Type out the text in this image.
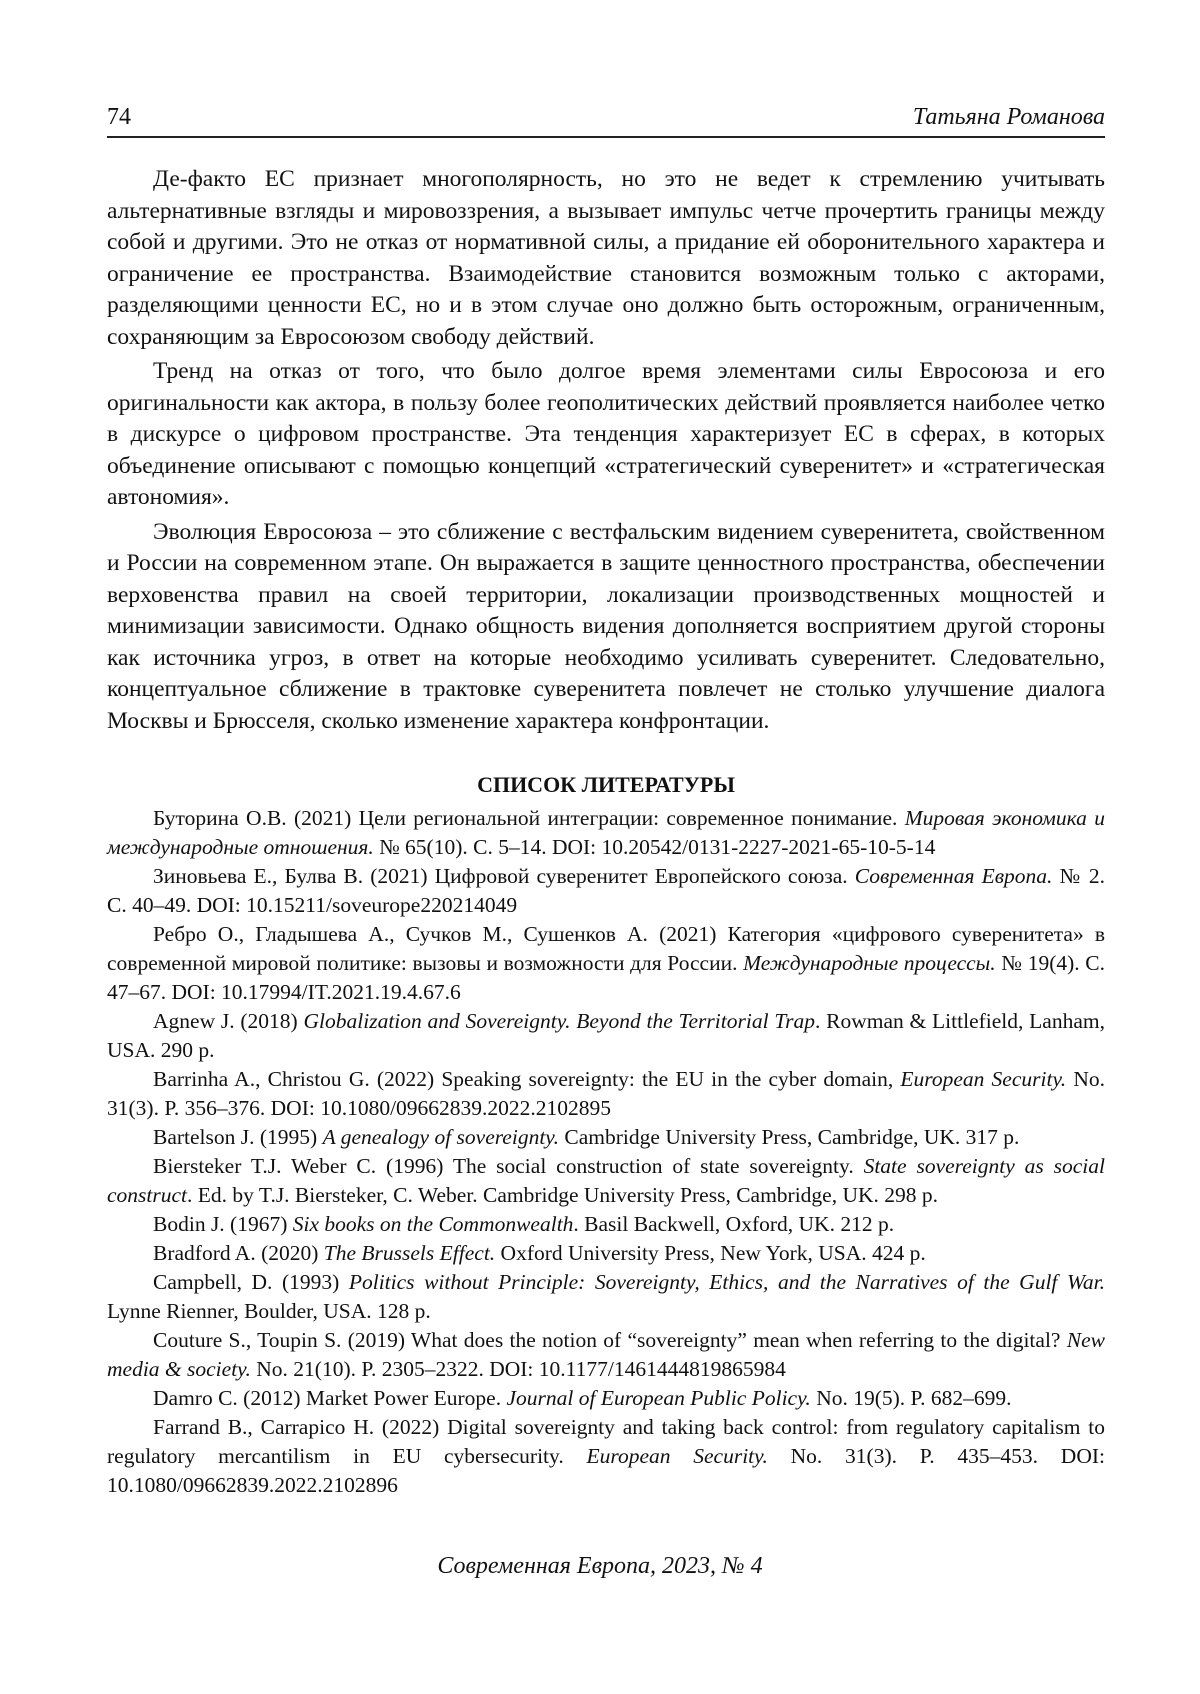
74	Татьяна Романова

Де-факто ЕС признает многополярность, но это не ведет к стремлению учитывать альтернативные взгляды и мировоззрения, а вызывает импульс четче прочертить границы между собой и другими. Это не отказ от нормативной силы, а придание ей оборонительного характера и ограничение ее пространства. Взаимодействие становится возможным только с акторами, разделяющими ценности ЕС, но и в этом случае оно должно быть осторожным, ограниченным, сохраняющим за Евросоюзом свободу действий.

Тренд на отказ от того, что было долгое время элементами силы Евросоюза и его оригинальности как актора, в пользу более геополитических действий проявляется наиболее четко в дискурсе о цифровом пространстве. Эта тенденция характеризует ЕС в сферах, в которых объединение описывают с помощью концепций «стратегический суверенитет» и «стратегическая автономия».

Эволюция Евросоюза – это сближение с вестфальским видением суверенитета, свойственном и России на современном этапе. Он выражается в защите ценностного пространства, обеспечении верховенства правил на своей территории, локализации производственных мощностей и минимизации зависимости. Однако общность видения дополняется восприятием другой стороны как источника угроз, в ответ на которые необходимо усиливать суверенитет. Следовательно, концептуальное сближение в трактовке суверенитета повлечет не столько улучшение диалога Москвы и Брюсселя, сколько изменение характера конфронтации.

СПИСОК ЛИТЕРАТУРЫ

Буторина О.В. (2021) Цели региональной интеграции: современное понимание. Мировая экономика и международные отношения. № 65(10). С. 5–14. DOI: 10.20542/0131-2227-2021-65-10-5-14

Зиновьева Е., Булва В. (2021) Цифровой суверенитет Европейского союза. Современная Европа. № 2. С. 40–49. DOI: 10.15211/soveurope220214049

Ребро О., Гладышева А., Сучков М., Сушенков А. (2021) Категория «цифрового суверенитета» в современной мировой политике: вызовы и возможности для России. Международные процессы. № 19(4). С. 47–67. DOI: 10.17994/IT.2021.19.4.67.6

Agnew J. (2018) Globalization and Sovereignty. Beyond the Territorial Trap. Rowman & Littlefield, Lanham, USA. 290 p.

Barrinha A., Christou G. (2022) Speaking sovereignty: the EU in the cyber domain, European Security. No. 31(3). P. 356–376. DOI: 10.1080/09662839.2022.2102895

Bartelson J. (1995) A genealogy of sovereignty. Cambridge University Press, Cambridge, UK. 317 p.

Biersteker T.J. Weber C. (1996) The social construction of state sovereignty. State sovereignty as social construct. Ed. by T.J. Biersteker, C. Weber. Cambridge University Press, Cambridge, UK. 298 p.

Bodin J. (1967) Six books on the Commonwealth. Basil Backwell, Oxford, UK. 212 p.

Bradford A. (2020) The Brussels Effect. Oxford University Press, New York, USA. 424 p.

Campbell, D. (1993) Politics without Principle: Sovereignty, Ethics, and the Narratives of the Gulf War. Lynne Rienner, Boulder, USA. 128 p.

Couture S., Toupin S. (2019) What does the notion of “sovereignty” mean when referring to the digital? New media & society. No. 21(10). P. 2305–2322. DOI: 10.1177/1461444819865984

Damro C. (2012) Market Power Europe. Journal of European Public Policy. No. 19(5). P. 682–699.

Farrand B., Carrapico H. (2022) Digital sovereignty and taking back control: from regulatory capitalism to regulatory mercantilism in EU cybersecurity. European Security. No. 31(3). P. 435–453. DOI: 10.1080/09662839.2022.2102896

Современная Европа, 2023, № 4
